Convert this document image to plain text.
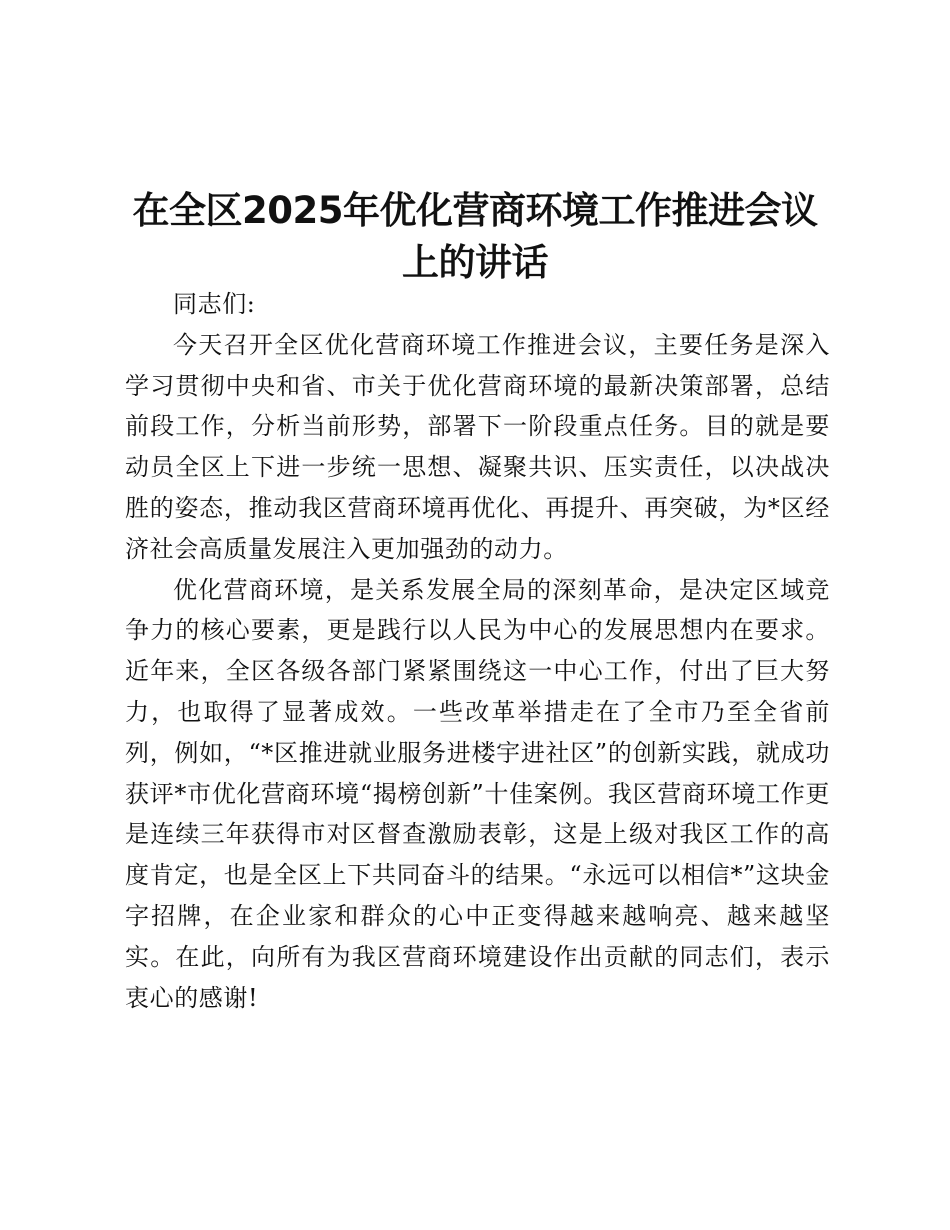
在全区2025年优化营商环境工作推进会议上的讲话

同志们:

今天召开全区优化营商环境工作推进会议，主要任务是深入学习贯彻中央和省、市关于优化营商环境的最新决策部署，总结前段工作，分析当前形势，部署下一阶段重点任务。目的就是要动员全区上下进一步统一思想、凝聚共识、压实责任，以决战决胜的姿态，推动我区营商环境再优化、再提升、再突破，为*区经济社会高质量发展注入更加强劲的动力。

优化营商环境，是关系发展全局的深刻革命，是决定区域竞争力的核心要素，更是践行以人民为中心的发展思想内在要求。近年来，全区各级各部门紧紧围绕这一中心工作，付出了巨大努力，也取得了显著成效。一些改革举措走在了全市乃至全省前列，例如，“*区推进就业服务进楼宇进社区”的创新实践，就成功获评*市优化营商环境“揭榜创新”十佳案例。我区营商环境工作更是连续三年获得市对区督查激励表彰，这是上级对我区工作的高度肯定，也是全区上下共同奋斗的结果。“永远可以相信*”这块金字招牌，在企业家和群众的心中正变得越来越响亮、越来越坚实。在此，向所有为我区营商环境建设作出贡献的同志们，表示衷心的感谢!
